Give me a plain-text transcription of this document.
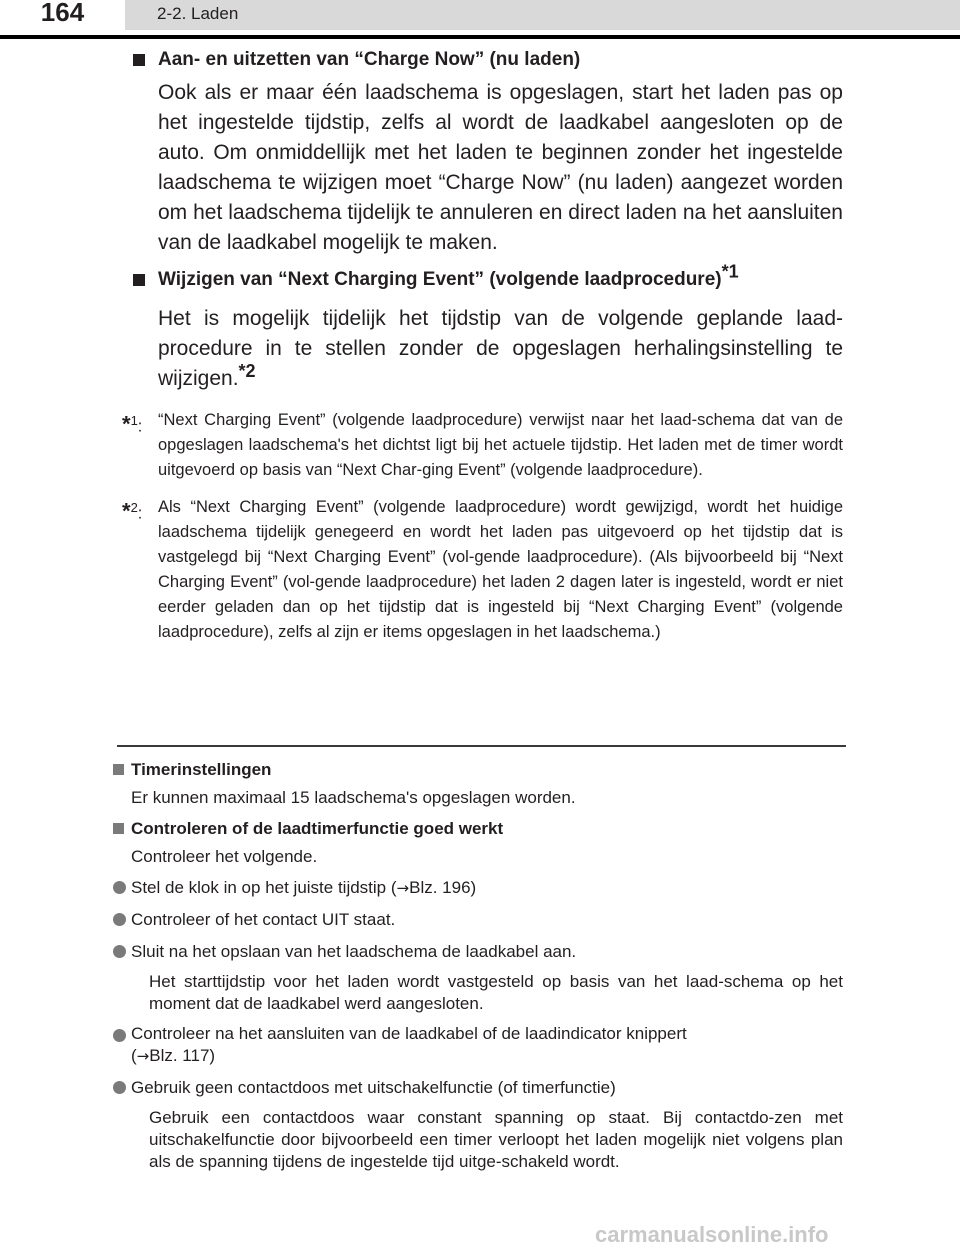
164	2-2. Laden
Aan- en uitzetten van “Charge Now” (nu laden)
Ook als er maar één laadschema is opgeslagen, start het laden pas op het ingestelde tijdstip, zelfs al wordt de laadkabel aangesloten op de auto. Om onmiddellijk met het laden te beginnen zonder het ingestelde laadschema te wijzigen moet “Charge Now” (nu laden) aangezet worden om het laadschema tijdelijk te annuleren en direct laden na het aansluiten van de laadkabel mogelijk te maken.
Wijzigen van “Next Charging Event” (volgende laadprocedure)*1
Het is mogelijk tijdelijk het tijdstip van de volgende geplande laad-procedure in te stellen zonder de opgeslagen herhalingsinstelling te wijzigen.*2
*$^1$: “Next Charging Event” (volgende laadprocedure) verwijst naar het laad-schema dat van de opgeslagen laadschema's het dichtst ligt bij het actuele tijdstip. Het laden met de timer wordt uitgevoerd op basis van “Next Char-ging Event” (volgende laadprocedure).
*$^2$: Als “Next Charging Event” (volgende laadprocedure) wordt gewijzigd, wordt het huidige laadschema tijdelijk genegeerd en wordt het laden pas uitgevoerd op het tijdstip dat is vastgelegd bij “Next Charging Event” (vol-gende laadprocedure). (Als bijvoorbeeld bij “Next Charging Event” (vol-gende laadprocedure) het laden 2 dagen later is ingesteld, wordt er niet eerder geladen dan op het tijdstip dat is ingesteld bij “Next Charging Event” (volgende laadprocedure), zelfs al zijn er items opgeslagen in het laadschema.)
Timerinstellingen
Er kunnen maximaal 15 laadschema's opgeslagen worden.
Controleren of de laadtimerfunctie goed werkt
Controleer het volgende.
Stel de klok in op het juiste tijdstip (→Blz. 196)
Controleer of het contact UIT staat.
Sluit na het opslaan van het laadschema de laadkabel aan.
Het starttijdstip voor het laden wordt vastgesteld op basis van het laad-schema op het moment dat de laadkabel werd aangesloten.
Controleer na het aansluiten van de laadkabel of de laadindicator knippert
(→Blz. 117)
Gebruik geen contactdoos met uitschakelfunctie (of timerfunctie)
Gebruik een contactdoos waar constant spanning op staat. Bij contactdo-zen met uitschakelfunctie door bijvoorbeeld een timer verloopt het laden mogelijk niet volgens plan als de spanning tijdens de ingestelde tijd uitge-schakeld wordt.
carmanualsonline.info
